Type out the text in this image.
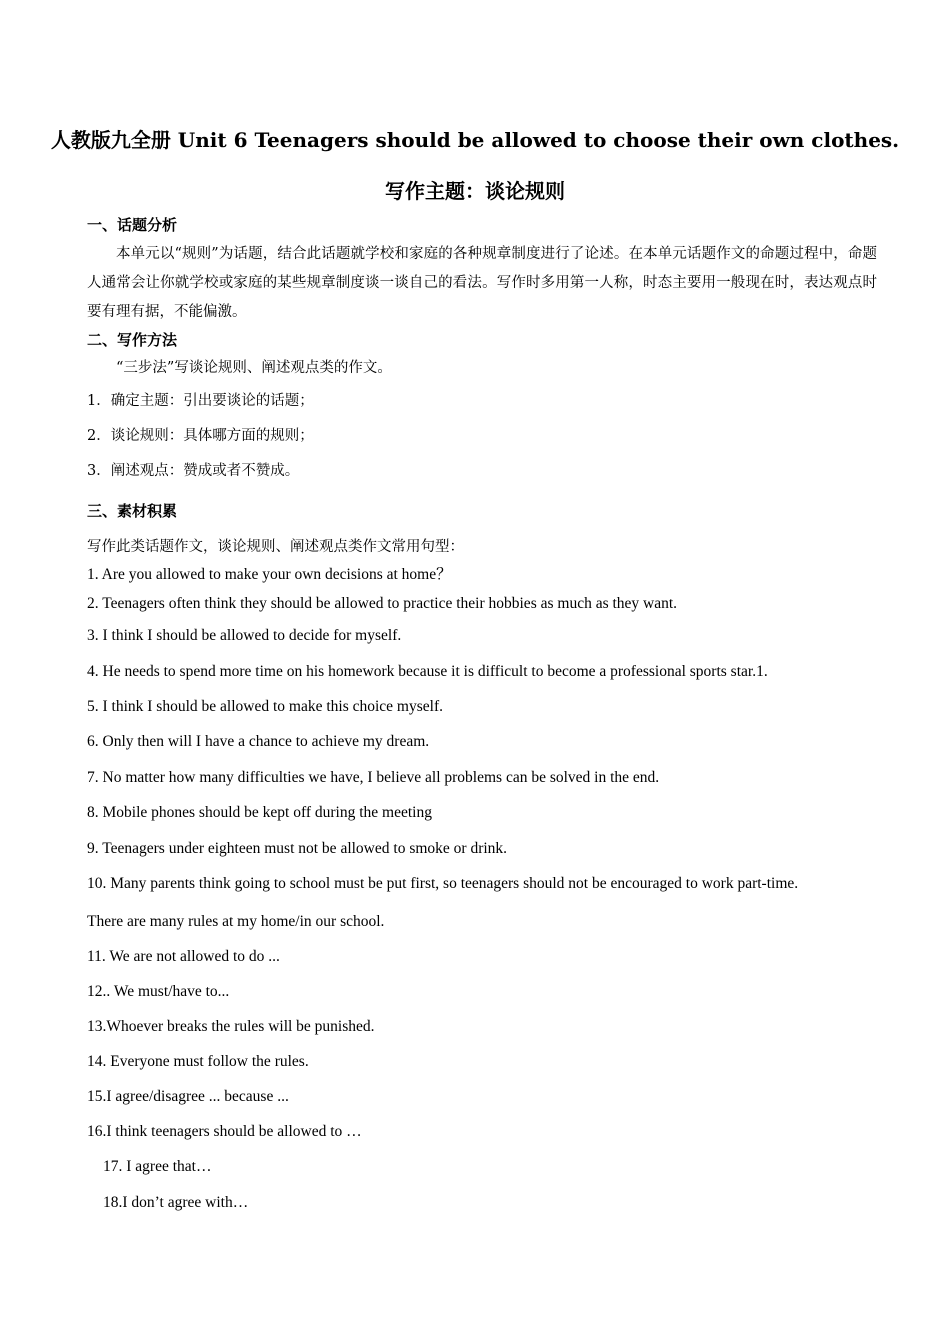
人教版九全册 Unit 6 Teenagers should be allowed to choose their own clothes.
写作主题：谈论规则
一、话题分析
本单元以“规则”为话题，结合此话题就学校和家庭的各种规章制度进行了论述。在本单元话题作文的命题过程中，命题人通常会让你就学校或家庭的某些规章制度谈一谈自己的看法。写作时多用第一人称，时态主要用一般现在时，表达观点时要有理有据，不能偏激。
二、写作方法
“三步法”写谈论规则、阐述观点类的作文。
1．确定主题：引出要谈论的话题；
2．谈论规则：具体哪方面的规则；
3．阐述观点：赞成或者不赞成。
三、素材积累
写作此类话题作文，谈论规则、阐述观点类作文常用句型：
1. Are you allowed to make your own decisions at home？
2. Teenagers often think they should be allowed to practice their hobbies as much as they want.
3. I think I should be allowed to decide for myself.
4. He needs to spend more time on his homework because it is difficult to become a professional sports star.1.
5. I think I should be allowed to make this choice myself.
6. Only then will I have a chance to achieve my dream.
7. No matter how many difficulties we have, I believe all problems can be solved in the end.
8. Mobile phones should be kept off during the meeting
9. Teenagers under eighteen must not be allowed to smoke or drink.
10. Many parents think going to school must be put first, so teenagers should not be encouraged to work part-time.
There are many rules at my home/in our school.
11. We are not allowed to do ...
12.. We must/have to...
13.Whoever breaks the rules will be punished.
14. Everyone must follow the rules.
15.I agree/disagree ... because ...
16.I think teenagers should be allowed to …
17. I agree that…
18.I don’t agree with…
